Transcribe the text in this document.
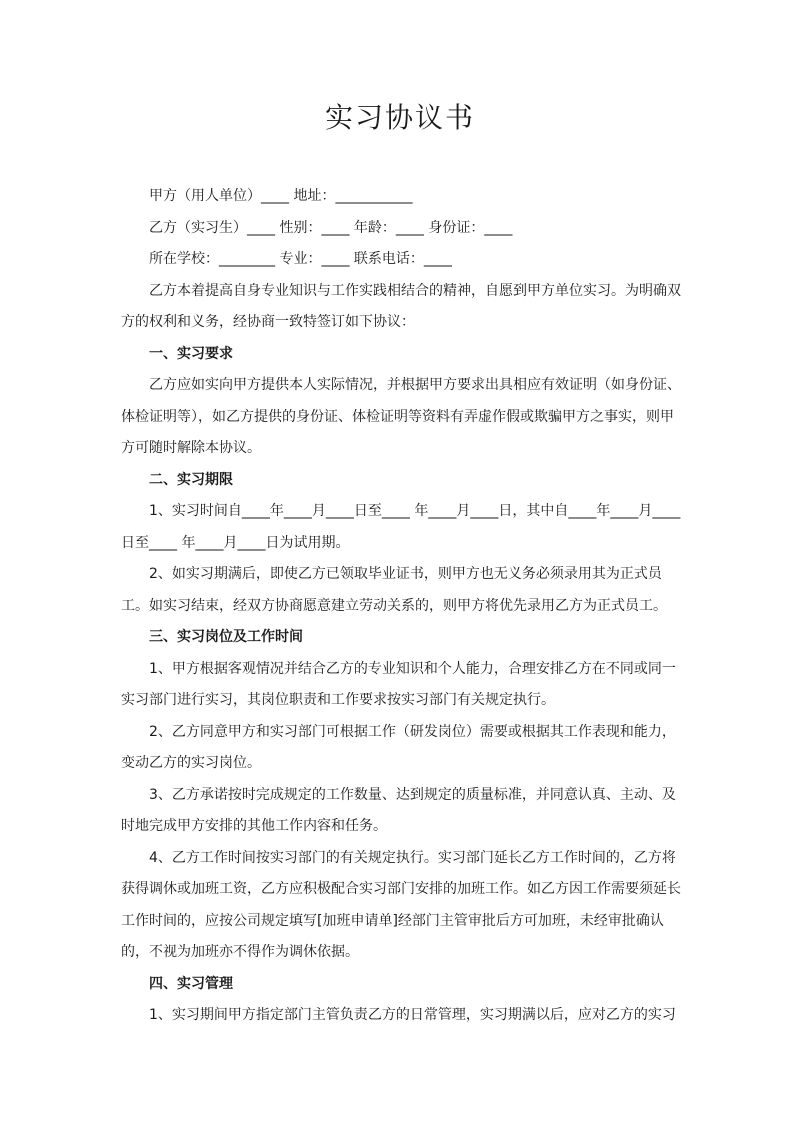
实习协议书

甲方（用人单位）____ 地址：___________

乙方（实习生）____ 性别：____ 年龄：____ 身份证：____

所在学校：________ 专业：____ 联系电话：____

乙方本着提高自身专业知识与工作实践相结合的精神，自愿到甲方单位实习。为明确双方的权利和义务，经协商一致特签订如下协议：

一、实习要求

乙方应如实向甲方提供本人实际情况，并根据甲方要求出具相应有效证明（如身份证、体检证明等），如乙方提供的身份证、体检证明等资料有弄虚作假或欺骗甲方之事实，则甲方可随时解除本协议。

二、实习期限

1、实习时间自____年____月____日至____ 年____月____日，其中自____年____月____日至____ 年____月____日为试用期。

2、如实习期满后，即使乙方已领取毕业证书，则甲方也无义务必须录用其为正式员工。如实习结束，经双方协商愿意建立劳动关系的，则甲方将优先录用乙方为正式员工。

三、实习岗位及工作时间

1、甲方根据客观情况并结合乙方的专业知识和个人能力，合理安排乙方在不同或同一实习部门进行实习，其岗位职责和工作要求按实习部门有关规定执行。

2、乙方同意甲方和实习部门可根据工作（研发岗位）需要或根据其工作表现和能力，变动乙方的实习岗位。

3、乙方承诺按时完成规定的工作数量、达到规定的质量标准，并同意认真、主动、及时地完成甲方安排的其他工作内容和任务。

4、乙方工作时间按实习部门的有关规定执行。实习部门延长乙方工作时间的，乙方将获得调休或加班工资，乙方应积极配合实习部门安排的加班工作。如乙方因工作需要须延长工作时间的，应按公司规定填写[加班申请单]经部门主管审批后方可加班，未经审批确认的，不视为加班亦不得作为调休依据。

四、实习管理

1、实习期间甲方指定部门主管负责乙方的日常管理，实习期满以后，应对乙方的实习
